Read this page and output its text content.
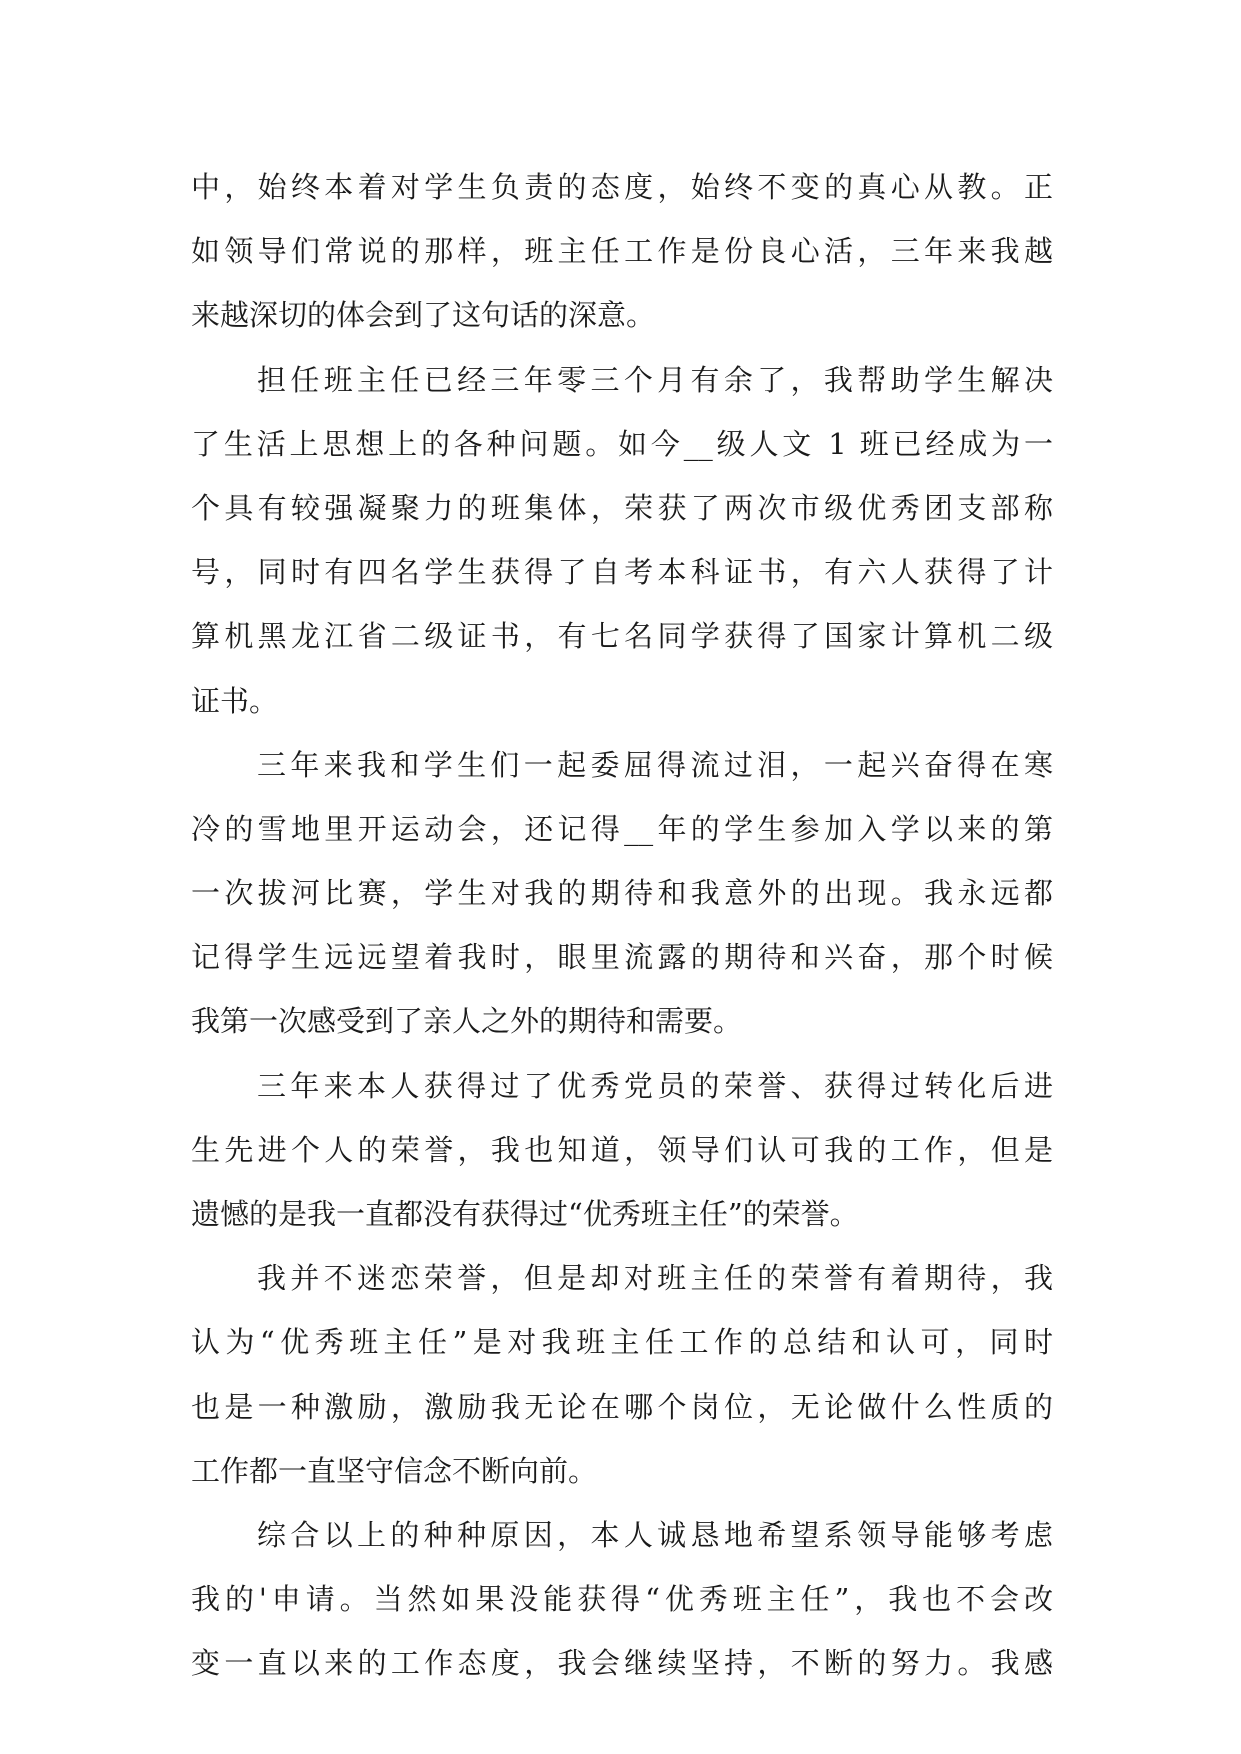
中，始终本着对学生负责的态度，始终不变的真心从教。正
如领导们常说的那样，班主任工作是份良心活，三年来我越
来越深切的体会到了这句话的深意。
担任班主任已经三年零三个月有余了，我帮助学生解决
了生活上思想上的各种问题。如今__级人文 1 班已经成为一
个具有较强凝聚力的班集体，荣获了两次市级优秀团支部称
号，同时有四名学生获得了自考本科证书，有六人获得了计
算机黑龙江省二级证书，有七名同学获得了国家计算机二级
证书。
三年来我和学生们一起委屈得流过泪，一起兴奋得在寒
冷的雪地里开运动会，还记得__年的学生参加入学以来的第
一次拔河比赛，学生对我的期待和我意外的出现。我永远都
记得学生远远望着我时，眼里流露的期待和兴奋，那个时候
我第一次感受到了亲人之外的期待和需要。
三年来本人获得过了优秀党员的荣誉、获得过转化后进
生先进个人的荣誉，我也知道，领导们认可我的工作，但是
遗憾的是我一直都没有获得过“优秀班主任”的荣誉。
我并不迷恋荣誉，但是却对班主任的荣誉有着期待，我
认为“优秀班主任”是对我班主任工作的总结和认可，同时
也是一种激励，激励我无论在哪个岗位，无论做什么性质的
工作都一直坚守信念不断向前。
综合以上的种种原因，本人诚恳地希望系领导能够考虑
我的'申请。当然如果没能获得“优秀班主任”，我也不会改
变一直以来的工作态度，我会继续坚持，不断的努力。我感
